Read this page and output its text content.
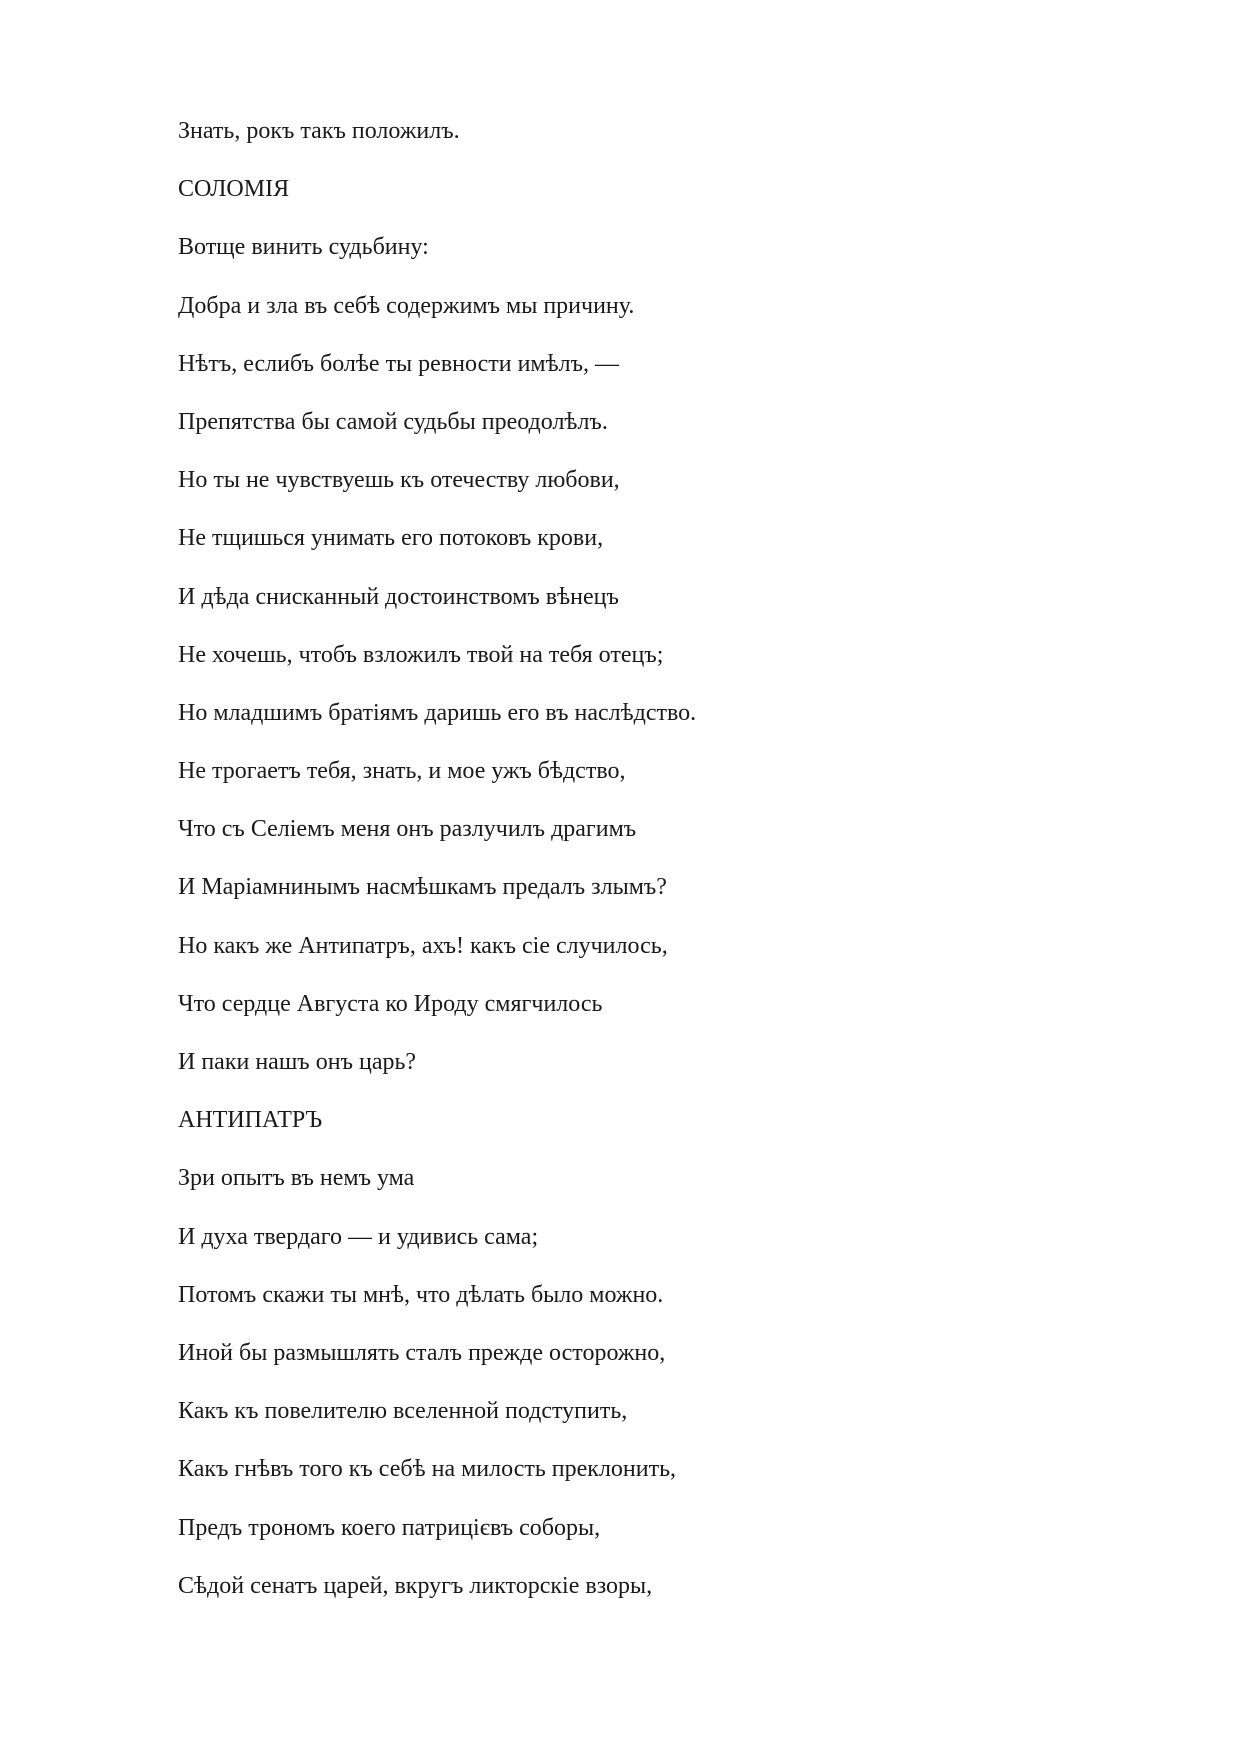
Знать, рокъ такъ положилъ.
СОЛОМІЯ
Вотще винить судьбину:
Добра и зла въ себѣ содержимъ мы причину.
Нѣтъ, еслибъ болѣе ты ревности имѣлъ, —
Препятства бы самой судьбы преодолѣлъ.
Но ты не чувствуешь къ отечеству любови,
Не тщишься унимать его потоковъ крови,
И дѣда снисканный достоинствомъ вѣнецъ
Не хочешь, чтобъ взложилъ твой на тебя отецъ;
Но младшимъ братіямъ даришь его въ наслѣдство.
Не трогаетъ тебя, знать, и мое ужъ бѣдство,
Что съ Селіемъ меня онъ разлучилъ драгимъ
И Маріамнинымъ насмѣшкамъ предалъ злымъ?
Но какъ же Антипатръ, ахъ! какъ сіе случилось,
Что сердце Августа ко Ироду смягчилось
И паки нашъ онъ царь?
АНТИПАТРЪ
Зри опытъ въ немъ ума
И духа твердаго — и удивись сама;
Потомъ скажи ты мнѣ, что дѣлать было можно.
Иной бы размышлять сталъ прежде осторожно,
Какъ къ повелителю вселенной подступить,
Какъ гнѣвъ того къ себѣ на милость преклонить,
Предъ трономъ коего патрицієвъ соборы,
Сѣдой сенатъ царей, вкругъ ликторскіе взоры,
